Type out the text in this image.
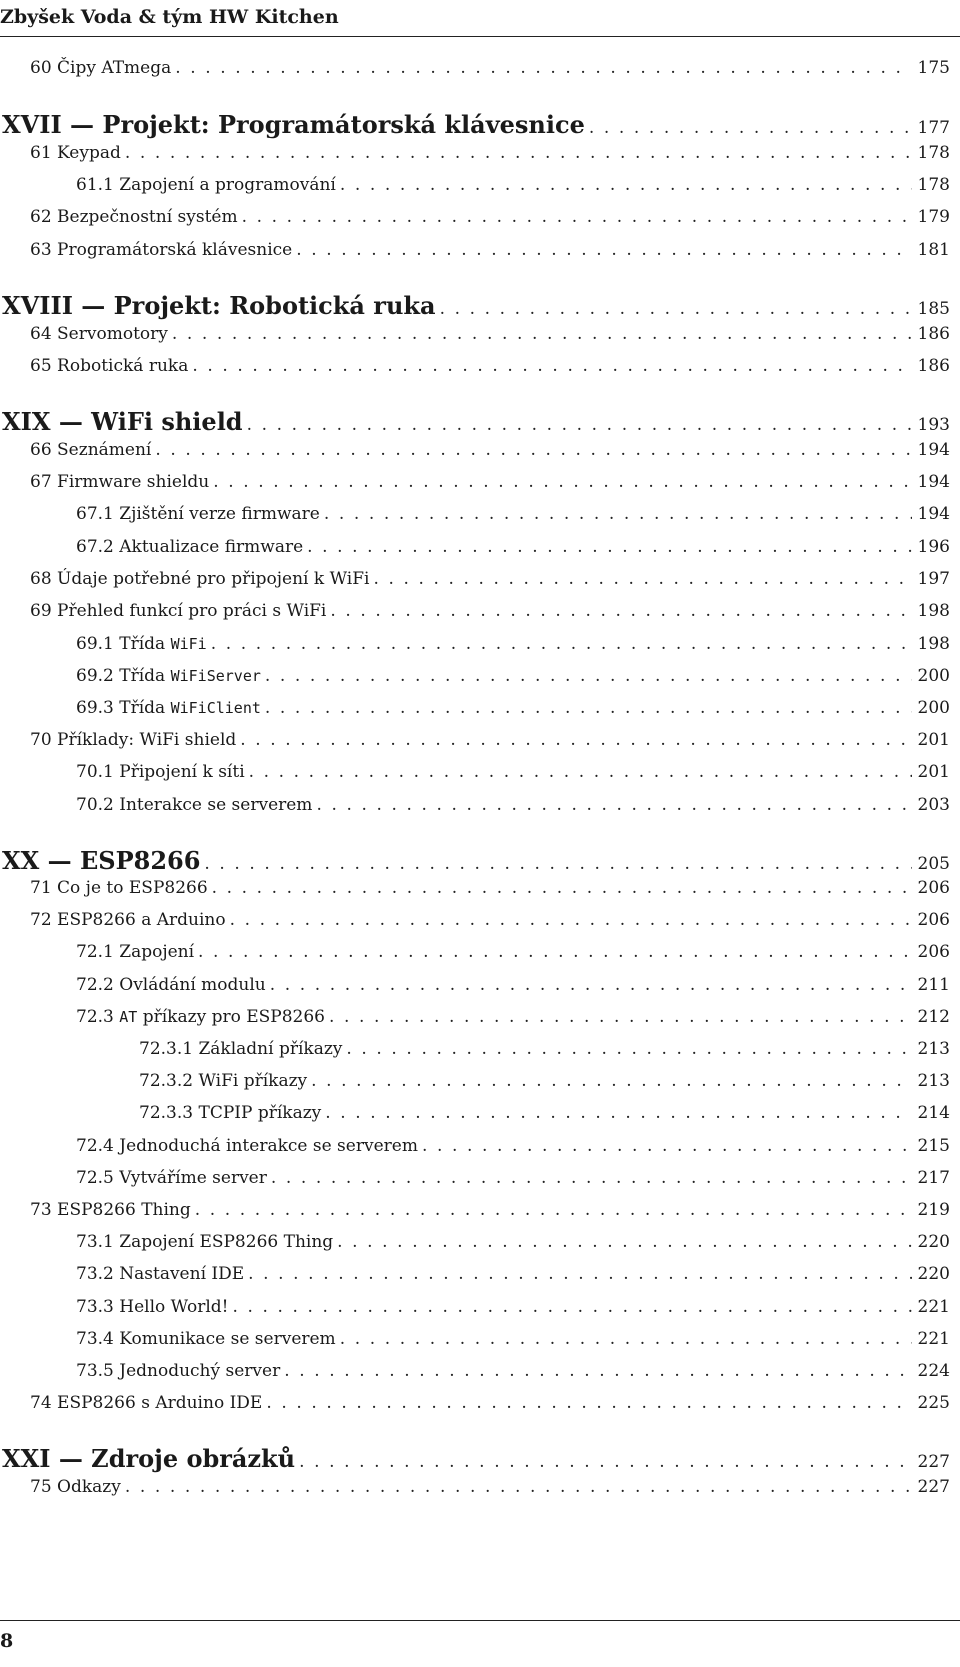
Zbyšek Voda & tým HW Kitchen
60 Čipy ATmega .....	175
XVII — Projekt: Programátorská klávesnice .....	177
61 Keypad .....	178
61.1 Zapojení a programování .....	178
62 Bezpečnostní systém .....	179
63 Programátorská klávesnice .....	181
XVIII — Projekt: Robotická ruka .....	185
64 Servomotory .....	186
65 Robotická ruka .....	186
XIX — WiFi shield .....	193
66 Seznámení .....	194
67 Firmware shieldu .....	194
67.1 Zjištění verze firmware .....	194
67.2 Aktualizace firmware .....	196
68 Údaje potřebné pro připojení k WiFi .....	197
69 Přehled funkcí pro práci s WiFi .....	198
69.1 Třída WiFi .....	198
69.2 Třída WiFiServer .....	200
69.3 Třída WiFiClient .....	200
70 Příklady: WiFi shield .....	201
70.1 Připojení k síti .....	201
70.2 Interakce se serverem .....	203
XX — ESP8266 .....	205
71 Co je to ESP8266 .....	206
72 ESP8266 a Arduino .....	206
72.1 Zapojení .....	206
72.2 Ovládání modulu .....	211
72.3 AT příkazy pro ESP8266 .....	212
72.3.1 Základní příkazy .....	213
72.3.2 WiFi příkazy .....	213
72.3.3 TCPIP příkazy .....	214
72.4 Jednoduchá interakce se serverem .....	215
72.5 Vytváříme server .....	217
73 ESP8266 Thing .....	219
73.1 Zapojení ESP8266 Thing .....	220
73.2 Nastavení IDE .....	220
73.3 Hello World! .....	221
73.4 Komunikace se serverem .....	221
73.5 Jednoduchý server .....	224
74 ESP8266 s Arduino IDE .....	225
XXI — Zdroje obrázků .....	227
75 Odkazy .....	227
8
